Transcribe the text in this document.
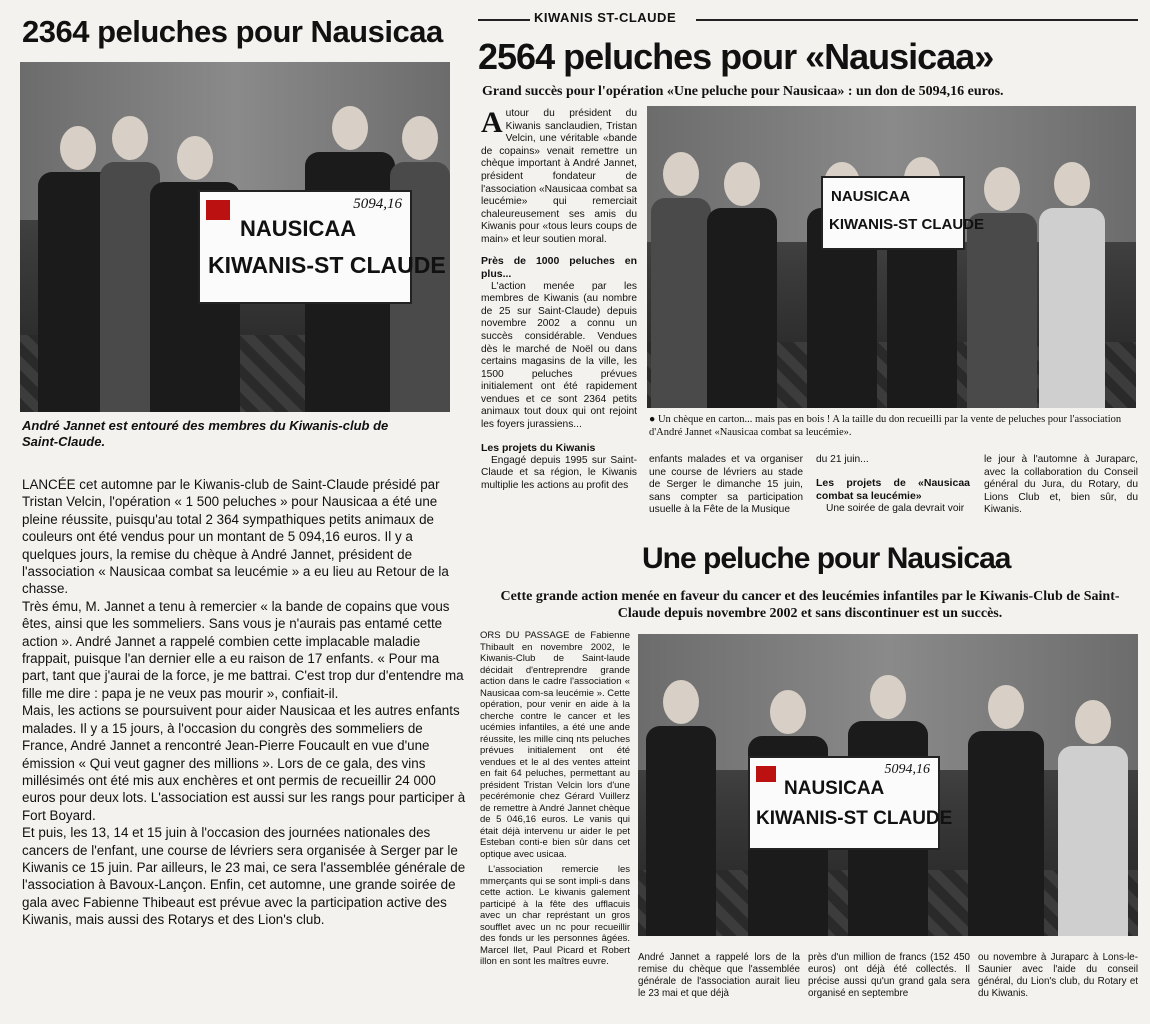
2364 peluches pour Nausicaa
5094,16
NAUSICAA
KIWANIS-ST CLAUDE
André Jannet est entouré des membres du Kiwanis-club de Saint-Claude.

LANCÉE cet automne par le Kiwanis-club de Saint-Claude présidé par Tristan Velcin, l'opération « 1 500 peluches » pour Nausicaa a été une pleine réussite, puisqu'au total 2 364 sympathiques petits animaux de couleurs ont été vendus pour un montant de 5 094,16 euros. Il y a quelques jours, la remise du chèque à André Jannet, président de l'association « Nausicaa combat sa leucémie » a eu lieu au Retour de la chasse.

Très ému, M. Jannet a tenu à remercier « la bande de copains que vous êtes, ainsi que les sommeliers. Sans vous je n'aurais pas entamé cette action ». André Jannet a rappelé combien cette implacable maladie frappait, puisque l'an dernier elle a eu raison de 17 enfants. « Pour ma part, tant que j'aurai de la force, je me battrai. C'est trop dur d'entendre ma fille me dire : papa je ne veux pas mourir », confiait-il.

Mais, les actions se poursuivent pour aider Nausicaa et les autres enfants malades. Il y a 15 jours, à l'occasion du congrès des sommeliers de France, André Jannet a rencontré Jean-Pierre Foucault en vue d'une émission « Qui veut gagner des millions ». Lors de ce gala, des vins millésimés ont été mis aux enchères et ont permis de recueillir 24 000 euros pour deux lots. L'association est aussi sur les rangs pour participer à Fort Boyard.

Et puis, les 13, 14 et 15 juin à l'occasion des journées nationales des cancers de l'enfant, une course de lévriers sera organisée à Serger par le Kiwanis ce 15 juin. Par ailleurs, le 23 mai, ce sera l'assemblée générale de l'association à Bavoux-Lançon. Enfin, cet automne, une grande soirée de gala avec Fabienne Thibeaut est prévue avec la participation active des Kiwanis, mais aussi des Rotarys et des Lion's club.

KIWANIS ST-CLAUDE
2564 peluches pour «Nausicaa»
Grand succès pour l'opération «Une peluche pour Nausicaa» : un don de 5094,16 euros.

Autour du président du Kiwanis sanclaudien, Tristan Velcin, une véritable «bande de copains» venait remettre un chèque important à André Jannet, président fondateur de l'association «Nausicaa combat sa leucémie» qui remerciait chaleureusement ses amis du Kiwanis pour «tous leurs coups de main» et leur soutien moral.

Près de 1000 peluches en plus...

L'action menée par les membres de Kiwanis (au nombre de 25 sur Saint-Claude) depuis novembre 2002 a connu un succès considérable. Vendues dès le marché de Noël ou dans certains magasins de la ville, les 1500 peluches prévues initialement ont été rapidement vendues et ce sont 2364 petits animaux tout doux qui ont rejoint les foyers jurassiens...

Les projets du Kiwanis

Engagé depuis 1995 sur Saint-Claude et sa région, le Kiwanis multiplie les actions au profit des

NAUSICAA
KIWANIS-ST CLAUDE
● Un chèque en carton... mais pas en bois ! A la taille du don recueilli par la vente de peluches pour l'association d'André Jannet «Nausicaa combat sa leucémie».
enfants malades et va organiser une course de lévriers au stade de Serger le dimanche 15 juin, sans compter sa participation usuelle à la Fête de la Musique

du 21 juin...

Les projets de «Nausicaa combat sa leucémie»

Une soirée de gala devrait voir

le jour à l'automne à Juraparc, avec la collaboration du Conseil général du Jura, du Rotary, du Lions Club et, bien sûr, du Kiwanis.
Une peluche pour Nausicaa
Cette grande action menée en faveur du cancer et des leucémies infantiles par le Kiwanis-Club de Saint-Claude depuis novembre 2002 et sans discontinuer est un succès.

ORS DU PASSAGE de Fabienne Thibault en novembre 2002, le Kiwanis-Club de Saint-laude décidait d'entreprendre grande action dans le cadre l'association « Nausicaa com-sa leucémie ». Cette opération, pour venir en aide à la cherche contre le cancer et les ucémies infantiles, a été une ande réussite, les mille cinq nts peluches prévues initialement ont été vendues et le al des ventes atteint en fait 64 peluches, permettant au président Tristan Velcin lors d'une pecérémonie chez Gérard Vuillerz de remettre à André Jannet chèque de 5 046,16 euros. Le vanis qui était déjà intervenu ur aider le pet Esteban conti-e bien sûr dans cet optique avec usicaa.

L'association remercie les mmerçants qui se sont impli-s dans cette action. Le kiwanis galement participé à la fête des ufflacuis avec un char représtant un gros soufflet avec un nc pour recueillir des fonds ur les personnes âgées. Marcel llet, Paul Picard et Robert illon en sont les maîtres euvre.

5094,16
NAUSICAA
KIWANIS-ST CLAUDE
André Jannet a rappelé lors de la remise du chèque que l'assemblée générale de l'association aurait lieu le 23 mai et que déjà
près d'un million de francs (152 450 euros) ont déjà été collectés. Il précise aussi qu'un grand gala sera organisé en septembre
ou novembre à Juraparc à Lons-le-Saunier avec l'aide du conseil général, du Lion's club, du Rotary et du Kiwanis.
